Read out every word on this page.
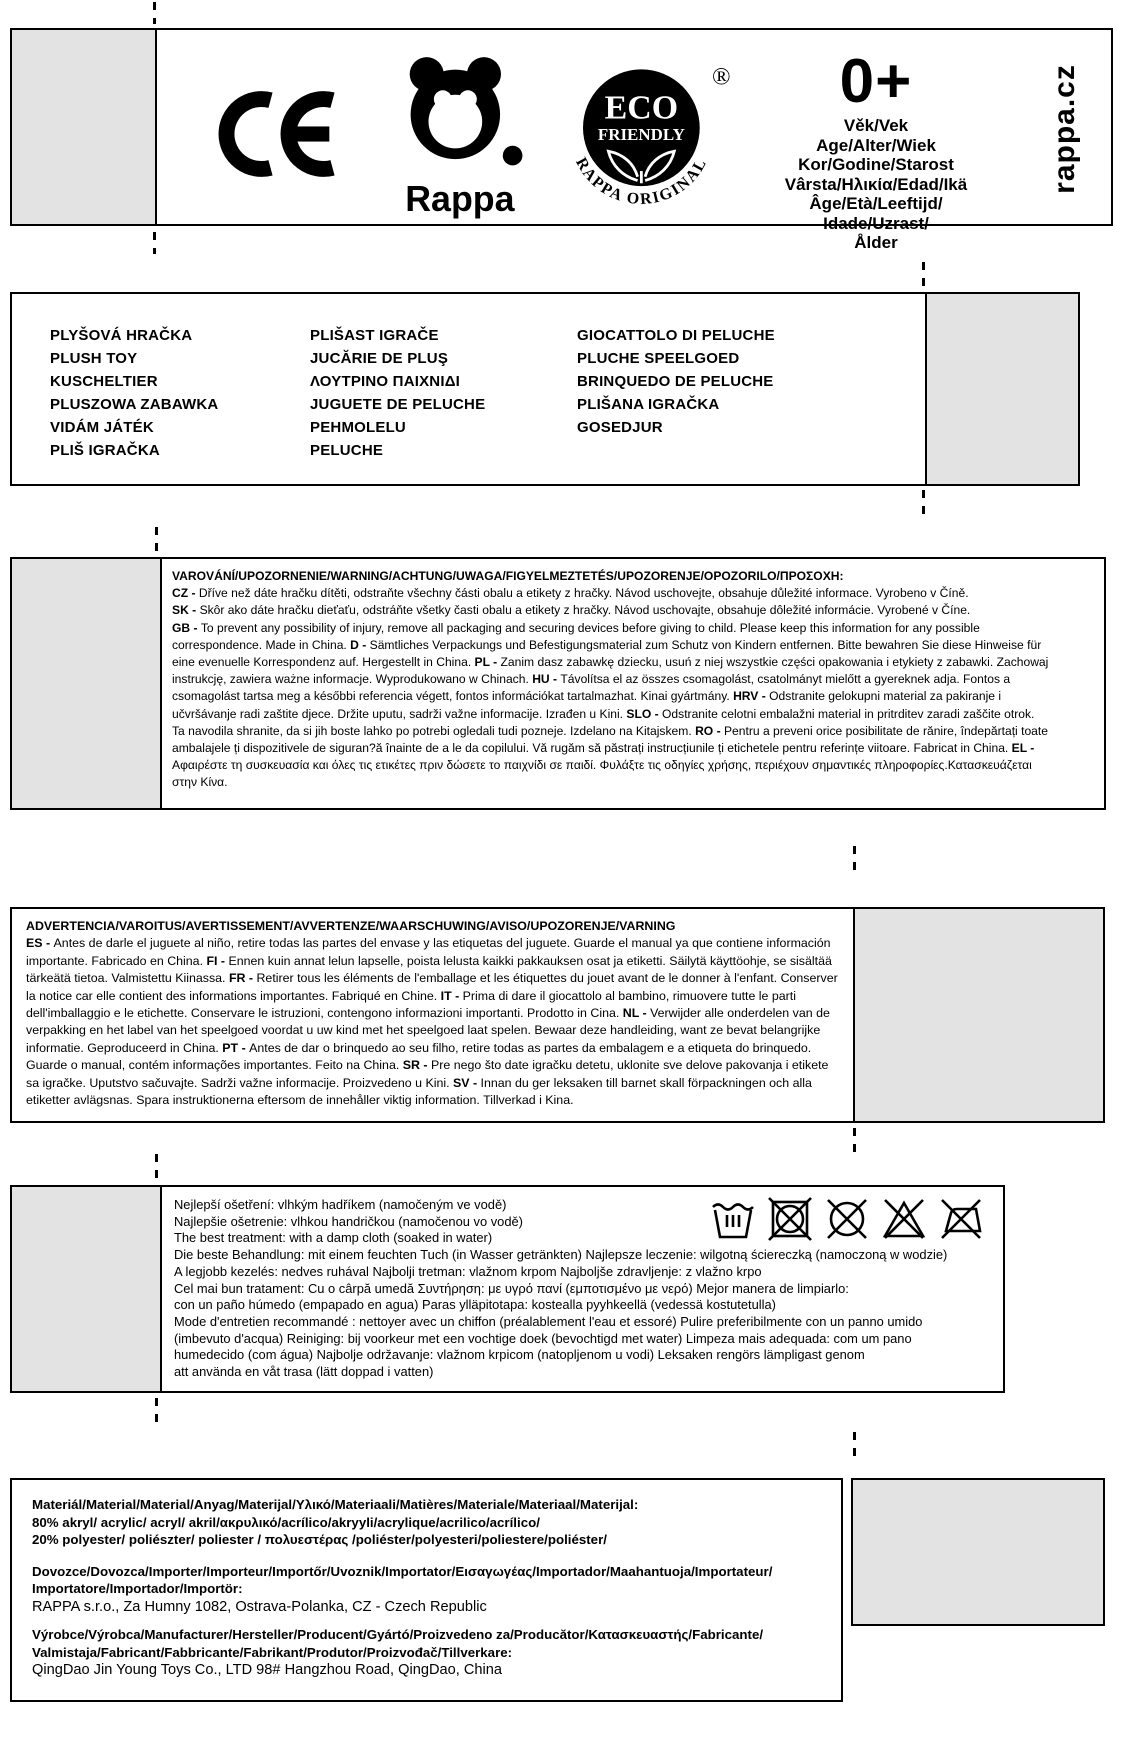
Rappa
ECO
FRIENDLY
®
RAPPA ORIGINAL
0+
Věk/Vek
Age/Alter/Wiek
Kor/Godine/Starost
Vârsta/Ηλικία/Edad/Ikä
Âge/Età/Leeftijd/
Idade/Uzrast/
Ålder
rappa.cz
PLYŠOVÁ HRAČKA
PLUSH TOY
KUSCHELTIER
PLUSZOWA ZABAWKA
VIDÁM JÁTÉK
PLIŠ IGRAČKA
PLIŠAST IGRAČE
JUCĂRIE DE PLUŞ
ΛΟΥΤΡΙΝΟ ΠΑΙΧΝΙΔΙ
JUGUETE DE PELUCHE
PEHMOLELU
PELUCHE
GIOCATTOLO DI PELUCHE
PLUCHE SPEELGOED
BRINQUEDO DE PELUCHE
PLIŠANA IGRAČKA
GOSEDJUR
VAROVÁNÍ/UPOZORNENIE/WARNING/ACHTUNG/UWAGA/FIGYELMEZTETÉS/UPOZORENJE/OPOZORILO/ΠΡΟΣΟΧΗ:
CZ - Dříve než dáte hračku dítěti, odstraňte všechny části obalu a etikety z hračky. Návod uschovejte, obsahuje důležité informace. Vyrobeno v Číně.
SK - Skôr ako dáte hračku dieťaťu, odstráňte všetky časti obalu a etikety z hračky. Návod uschovajte, obsahuje dôležité informácie. Vyrobené v Číne.
GB - To prevent any possibility of injury, remove all packaging and securing devices before giving to child. Please keep this information for any possible correspondence. Made in China. D - Sämtliches Verpackungs und Befestigungsmaterial zum Schutz von Kindern entfernen. Bitte bewahren Sie diese Hinweise für eine evenuelle Korrespondenz auf. Hergestellt in China. PL - Zanim dasz zabawkę dziecku, usuń z niej wszystkie części opakowania i etykiety z zabawki. Zachowaj instrukcję, zawiera ważne informacje. Wyprodukowano w Chinach. HU - Távolítsa el az összes csomagolást, csatolmányt mielőtt a gyereknek adja. Fontos a csomagolást tartsa meg a későbbi referencia végett, fontos információkat tartalmazhat. Kinai gyártmány. HRV - Odstranite gelokupni material za pakiranje i učvršávanje radi zaštite djece. Držite uputu, sadrži važne informacije. Izrađen u Kini. SLO - Odstranite celotni embalažni material in pritrditev zaradi zaščite otrok. Ta navodila shranite, da si jih boste lahko po potrebi ogledali tudi pozneje. Izdelano na Kitajskem. RO - Pentru a preveni orice posibilitate de rănire, îndepărtați toate ambalajele ți dispozitivele de siguran?ă înainte de a le da copilului. Vă rugăm să păstrați instrucțiunile ți etichetele pentru referințe viitoare. Fabricat in China. EL - Αφαιρέστε τη συσκευασία και όλες τις ετικέτες πριν δώσετε το παιχνίδι σε παιδί. Φυλάξτε τις οδηγίες χρήσης, περιέχουν σημαντικές πληροφορίες.Κατασκευάζεται στην Κίνα.
ADVERTENCIA/VAROITUS/AVERTISSEMENT/AVVERTENZE/WAARSCHUWING/AVISO/UPOZORENJE/VARNING
ES - Antes de darle el juguete al niño, retire todas las partes del envase y las etiquetas del juguete. Guarde el manual ya que contiene información importante. Fabricado en China. FI - Ennen kuin annat lelun lapselle, poista lelusta kaikki pakkauksen osat ja etiketti. Säilytä käyttöohje, se sisältää tärkeätä tietoa. Valmistettu Kiinassa. FR - Retirer tous les éléments de l'emballage et les étiquettes du jouet avant de le donner à l'enfant. Conserver la notice car elle contient des informations importantes. Fabriqué en Chine. IT - Prima di dare il giocattolo al bambino, rimuovere tutte le parti dell'imballaggio e le etichette. Conservare le istruzioni, contengono informazioni importanti. Prodotto in Cina. NL - Verwijder alle onderdelen van de verpakking en het label van het speelgoed voordat u uw kind met het speelgoed laat spelen. Bewaar deze handleiding, want ze bevat belangrijke informatie. Geproduceerd in China. PT - Antes de dar o brinquedo ao seu filho, retire todas as partes da embalagem e a etiqueta do brinquedo. Guarde o manual, contém informações importantes. Feito na China. SR - Pre nego što date igračku detetu, uklonite sve delove pakovanja i etikete sa igračke. Uputstvo sačuvajte. Sadrži važne informacije. Proizvedeno u Kini. SV - Innan du ger leksaken till barnet skall förpackningen och alla etiketter avlägsnas. Spara instruktionerna eftersom de innehåller viktig information. Tillverkad i Kina.
Nejlepší ošetření: vlhkým hadříkem (namočeným ve vodě)
Najlepšie ošetrenie: vlhkou handričkou (namočenou vo vodě)
The best treatment: with a damp cloth (soaked in water)
Die beste Behandlung: mit einem feuchten Tuch (in Wasser getränkten) Najlepsze leczenie: wilgotną ściereczką (namoczoną w wodzie)
A legjobb kezelés: nedves ruhával Najbolji tretman: vlažnom krpom Najboljše zdravljenje: z vlažno krpo
Cel mai bun tratament: Cu o cârpă umedă Συντήρηση: με υγρό πανί (εμποτισμένο με νερό) Mejor manera de limpiarlo:
con un paño húmedo (empapado en agua) Paras ylläpitotapa: kostealla pyyhkeellä (vedessä kostutetulla)
Mode d'entretien recommandé : nettoyer avec un chiffon (préalablement l'eau et essoré) Pulire preferibilmente con un panno umido
(imbevuto d'acqua) Reiniging: bij voorkeur met een vochtige doek (bevochtigd met water) Limpeza mais adequada: com um pano
humedecido (com água) Najbolje održavanje: vlažnom krpicom (natopljenom u vodi) Leksaken rengörs lämpligast genom
att använda en våt trasa (lätt doppad i vatten)
Materiál/Material/Material/Anyag/Materijal/Υλικό/Materiaali/Matières/Materiale/Materiaal/Materijal:
80% akryl/ acrylic/ acryl/ akril/ακρυλικό/acrílico/akryyli/acrylique/acrilico/acrílico/
20% polyester/ poliészter/ poliester / πολυεστέρας /poliéster/polyesteri/poliestere/poliéster/
Dovozce/Dovozca/Importer/Importeur/Importőr/Uvoznik/Importator/Εισαγωγέας/Importador/Maahantuoja/Importateur/
Importatore/Importador/Importör:
RAPPA s.r.o., Za Humny 1082, Ostrava-Polanka, CZ - Czech Republic
Výrobce/Výrobca/Manufacturer/Hersteller/Producent/Gyártó/Proizvedeno za/Producător/Κατασκευαστής/Fabricante/
Valmistaja/Fabricant/Fabbricante/Fabrikant/Produtor/Proizvođač/Tillverkare:
QingDao Jin Young Toys Co., LTD 98# Hangzhou Road, QingDao, China
